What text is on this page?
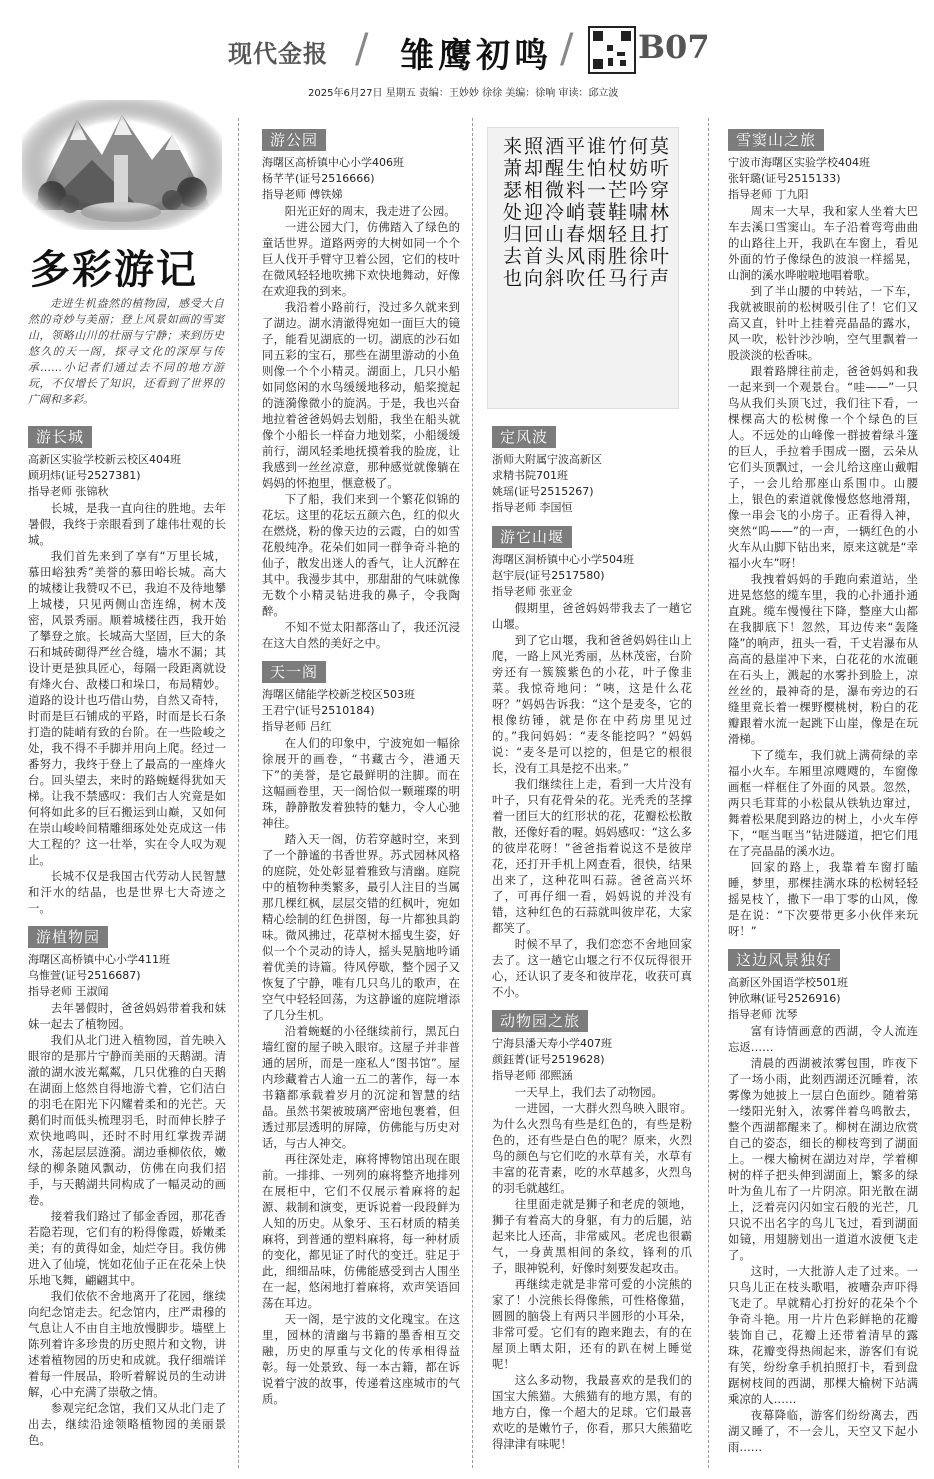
现代金报 / 雏鹰初鸣 / B07
2025年6月27日 星期五 责编：王妙妙 徐徐 美编：徐响 审读：邱立波
多彩游记
走进生机盎然的植物园，感受大自然的奇妙与美丽；登上风景如画的雪窦山，领略山川的壮丽与宁静；来到历史悠久的天一阁，探寻文化的深厚与传承……小记者们通过去不同的地方游玩，不仅增长了知识，还看到了世界的广阔和多彩。
游长城
高新区实验学校新云校区404班
顾玥炜(证号2527381)
指导老师 张锦秋

长城，是我一直向往的胜地。去年暑假，我终于亲眼看到了雄伟壮观的长城。

我们首先来到了享有“万里长城，慕田峪独秀”美誉的慕田峪长城。高大的城楼让我赞叹不已，我迫不及待地攀上城楼，只见两侧山峦连绵，树木茂密，风景秀丽。顺着城楼往西，我开始了攀登之旅。长城高大坚固，巨大的条石和城砖砌得严丝合缝，墙水不漏；其设计更是独具匠心，每隔一段距离就设有烽火台、敌楼口和垛口，布局精妙。道路的设计也巧借山势，自然又奇特，时而是巨石铺成的平路，时而是长石条打造的陡峭有致的台阶。在一些险峻之处，我不得不手脚并用向上爬。经过一番努力，我终于登上了最高的一座烽火台。回头望去，来时的路蜿蜒得犹如天梯。让我不禁感叹：我们古人究竟是如何将如此多的巨石搬运到山巅，又如何在崇山峻岭间精雕细琢处处克成这一伟大工程的？这一壮举，实在令人叹为观止。

长城不仅是我国古代劳动人民智慧和汗水的结晶，也是世界七大奇迹之一。

游植物园
海曙区高桥镇中心小学411班
乌惟萱(证号2516687)
指导老师 王淑闻

去年暑假时，爸爸妈妈带着我和妹妹一起去了植物园。

我们从北门进入植物园，首先映入眼帘的是那片宁静而美丽的天鹅湖。清澈的湖水波光粼粼，几只优雅的白天鹅在湖面上悠然自得地游弋着，它们洁白的羽毛在阳光下闪耀着柔和的光芒。天鹅们时而低头梳理羽毛，时而伸长脖子欢快地鸣叫，还时不时用红掌拨弄湖水，荡起层层涟漪。湖边垂柳依依，嫩绿的柳条随风飘动，仿佛在向我们招手，与天鹅湖共同构成了一幅灵动的画卷。

接着我们路过了郁金香园，那花香若隐若现，它们有的粉得像霞，娇嫩柔美；有的黄得如金，灿烂夺目。我仿佛进入了仙境，恍如花仙子正在花朵上快乐地飞舞，翩翩其中。

我们依依不舍地离开了花园，继续向纪念馆走去。纪念馆内，庄严肃穆的气息让人不由自主地放慢脚步。墙壁上陈列着许多珍贵的历史照片和文物，讲述着植物园的历史和成就。我仔细端详着每一件展品，聆听着解说员的生动讲解，心中充满了崇敬之情。

参观完纪念馆，我们又从北门走了出去，继续沿途领略植物园的美丽景色。

游公园
海曙区高桥镇中心小学406班
杨芊芊(证号2516666)
指导老师 傅铁娣

阳光正好的周末，我走进了公园。

一进公园大门，仿佛踏入了绿色的童话世界。道路两旁的大树如同一个个巨人伐开手臂守卫着公园，它们的枝叶在微风轻轻地吹拂下欢快地舞动，好像在欢迎我的到来。

我沿着小路前行，没过多久就来到了湖边。湖水清澈得宛如一面巨大的镜子，能看见湖底的一切。湖底的沙石如同五彩的宝石，那些在湖里游动的小鱼则像一个个小精灵。湖面上，几只小船如同悠闲的水鸟缓缓地移动，船桨搅起的涟漪像微小的旋涡。于是，我也兴奋地拉着爸爸妈妈去划船，我坐在船头就像个小船长一样奋力地划桨，小船缓缓前行，湖风轻柔地抚摸着我的脸庞，让我感到一丝丝凉意，那种感觉就像躺在妈妈的怀抱里，惬意极了。

下了船，我们来到一个繁花似锦的花坛。这里的花坛五颜六色，红的似火在燃烧，粉的像天边的云霞，白的如雪花般纯净。花朵们如同一群争奇斗艳的仙子，散发出迷人的香气，让人沉醉在其中。我漫步其中，那甜甜的气味就像无数个小精灵钻进我的鼻子，令我陶醉。

不知不觉太阳都落山了，我还沉浸在这大自然的美好之中。

天一阁
海曙区储能学校新芝校区503班
王君宁(证号2510184)
指导老师 吕红

在人们的印象中，宁波宛如一幅徐徐展开的画卷，“书藏古今，港通天下”的美誉，是它最鲜明的注脚。而在这幅画卷里，天一阁恰似一颗璀璨的明珠，静静散发着独特的魅力，令人心驰神往。

踏入天一阁，仿若穿越时空，来到了一个静谧的书香世界。苏式园林风格的庭院，处处彰显着雅致与清幽。庭院中的植物种类繁多，最引人注目的当属那几棵红枫，层层交错的红枫叶，宛如精心绘制的红色拼图，每一片都独具韵味。微风拂过，花草树木摇曳生姿，好似一个个灵动的诗人，摇头晃脑地吟诵着优美的诗篇。待风停歇，整个园子又恢复了宁静，唯有几只鸟儿的歌声，在空气中轻轻回荡，为这静谧的庭院增添了几分生机。

沿着蜿蜒的小径继续前行，黑瓦白墙红窗的屋子映入眼帘。这屋子并非普通的居所，而是一座私人“图书馆”。屋内珍藏着古人逾一五二的著作，每一本书籍都承载着岁月的沉淀和智慧的结晶。虽然书架被玻璃严密地包裹着，但透过那层透明的屏障，仿佛能与历史对话，与古人神交。

再往深处走，麻将博物馆出现在眼前。一排排、一列列的麻将整齐地排列在展柜中，它们不仅展示着麻将的起源、栽制和演变，更诉说着一段段鲜为人知的历史。从象牙、玉石材质的精美麻将，到普通的塑料麻将，每一种材质的变化，都见证了时代的变迁。驻足于此，细细品味，仿佛能感受到古人围坐在一起，悠闲地打着麻将，欢声笑语回荡在耳边。

天一阁，是宁波的文化瑰宝。在这里，园林的清幽与书籍的墨香相互交融，历史的厚重与文化的传承相得益彰。每一处景致、每一本古籍，都在诉说着宁波的故事，传递着这座城市的气质。

莫听穿林打叶声
何妨吟啸且徐行
竹杖芒鞋轻胜马
谁怕一蓑烟雨任
平生料峭春风吹
酒醒微冷山头斜
照却相迎回首向
来萧瑟处归去也
定风波
浙师大附属宁波高新区
求精书院701班
姚瑶(证号2515267)
指导老师 李国恒
游它山堰
海曙区洞桥镇中心小学504班
赵宇辰(证号2517580)
指导老师 张亚金

假期里，爸爸妈妈带我去了一趟它山堰。

到了它山堰，我和爸爸妈妈往山上爬，一路上风光秀丽，丛林茂密，台阶旁还有一簇簇紫色的小花，叶子像韭菜。我惊奇地问：“咦，这是什么花呀？”妈妈告诉我：“这个是麦冬，它的根像纺锤，就是你在中药房里见过的。”我问妈妈：“麦冬能挖吗？”妈妈说：“麦冬是可以挖的，但是它的根很长，没有工具是挖不出来。”

我们继续往上走，看到一大片没有叶子，只有花骨朵的花。光秃秃的茎撑着一团巨大的红形状的花，花瓣松松散散，还像好看的喔。妈妈感叹：“这么多的彼岸花呀！”爸爸指着说这不是彼岸花，还打开手机上网查看，很快，结果出来了，这种花叫石蒜。爸爸高兴坏了，可再仔细一看，妈妈说的并没有错，这种红色的石蒜就叫彼岸花，大家都笑了。

时候不早了，我们恋恋不舍地回家去了。这一趟它山堰之行不仅玩得很开心，还认识了麦冬和彼岸花，收获可真不小。

动物园之旅
宁海县潘天寿小学407班
颜鈺菁(证号2519628)
指导老师 邵熙涵

一天早上，我们去了动物园。

一进园，一大群火烈鸟映入眼帘。为什么火烈鸟有些是红色的，有些是粉色的，还有些是白色的呢？原来，火烈鸟的颜色与它们吃的水草有关，水草有丰富的花青素，吃的水草越多，火烈鸟的羽毛就越红。

往里面走就是狮子和老虎的领地，狮子有着高大的身躯，有力的后腿，站起来比人还高，非常威风。老虎也很霸气，一身黄黑相间的条纹，锋利的爪子，眼神锐利，好像时刻要发起攻击。

再继续走就是非常可爱的小浣熊的家了！小浣熊长得像熊，可性格像猫，圆圆的脑袋上有两只半圆形的小耳朵，非常可爱。它们有的跑来跑去，有的在屋顶上晒太阳，还有的趴在树上睡觉呢！

这么多动物，我最喜欢的是我们的国宝大熊猫。大熊猫有的地方黑，有的地方白，像一个超大的足球。它们最喜欢吃的是嫩竹子，你看，那只大熊猫吃得津津有味呢！

雪窦山之旅
宁波市海曙区实验学校404班
张轩璐(证号2515133)
指导老师 丁九阳

周末一大早，我和家人坐着大巴车去溪口雪窦山。车子沿着弯弯曲曲的山路往上开，我趴在车窗上，看见外面的竹子像绿色的波浪一样摇晃，山涧的溪水哗啦啦地唱着歌。

到了半山腰的中转站，一下车，我就被眼前的松树吸引住了！它们又高又直，针叶上挂着亮晶晶的露水，风一吹，松针沙沙响，空气里飘着一股淡淡的松香味。

跟着路牌往前走，爸爸妈妈和我一起来到一个观景台。“哇——”一只鸟从我们头顶飞过，我们往下看，一棵棵高大的松树像一个个绿色的巨人。不远处的山峰像一群披着绿斗篷的巨人，手拉着手围成一圈，云朵从它们头顶飘过，一会儿给这座山戴帽子，一会儿给那座山系围巾。山腰上，银色的索道就像慢悠悠地滑翔，像一串会飞的小房子。正看得入神，突然“呜——”的一声，一辆红色的小火车从山脚下钻出来，原来这就是“幸福小火车”呀！

我拽着妈妈的手跑向索道站，坐进晃悠悠的缆车里，我的心扑通扑通直跳。缆车慢慢往下降，整座大山都在我脚底下！忽然，耳边传来“轰隆隆”的响声，扭头一看，千丈岩瀑布从高高的悬崖冲下来，白花花的水流砸在石头上，溅起的水雾扑到脸上，凉丝丝的，最神奇的是，瀑布旁边的石缝里竟长着一棵野樱桃树，粉白的花瓣跟着水流一起跳下山崖，像是在玩滑梯。

下了缆车，我们就上满荷绿的幸福小火车。车厢里凉飕飕的，车窗像画框一样框住了外面的风景。忽然，两只毛茸茸的小松鼠从铁轨边窜过，舞着松果爬到路边的树上，小火车停下，“哐当哐当”钻进隧道，把它们甩在了亮晶晶的溪水边。

回家的路上，我靠着车窗打瞌睡，梦里，那棵挂满水珠的松树轻轻摇晃枝丫，撒下一串丁零的山风，像是在说：“下次要带更多小伙伴来玩呀！”

这边风景独好
高新区外国语学校501班
钟欣琳(证号2526916)
指导老师 沈琴

富有诗情画意的西湖，令人流连忘返……

清晨的西湖被浓雾包围，昨夜下了一场小雨，此刻西湖还沉睡着，浓雾像为她披上一层白色面纱。随着第一缕阳光射入，浓雾伴着鸟鸣散去，整个西湖都醒来了。柳树在湖边欣赏自己的姿态，细长的柳枝弯到了湖面上。一棵大榆树在湖边对岸，学着柳树的样子把头伸到湖面上，繁多的绿叶为鱼儿布了一片阴凉。阳光散在湖上，泛着亮闪闪如宝石般的光芒，几只说不出名字的鸟儿飞过，看到湖面如镜，用翅膀划出一道道水波便飞走了。

这时，一大批游人走了过来。一只鸟儿正在枝头歌唱，被嘈杂声吓得飞走了。早就精心打扮好的花朵个个争奇斗艳。用一片片色彩鲜艳的花瓣装饰自己，花瓣上还带着清早的露珠，花瓣变得热闹起来，游客们有说有笑，纷纷拿手机拍照打卡，看到盘踞树枝间的西湖，那棵大榆树下站满乘凉的人……

夜幕降临，游客们纷纷离去，西湖又睡了，不一会儿，天空又下起小雨……
